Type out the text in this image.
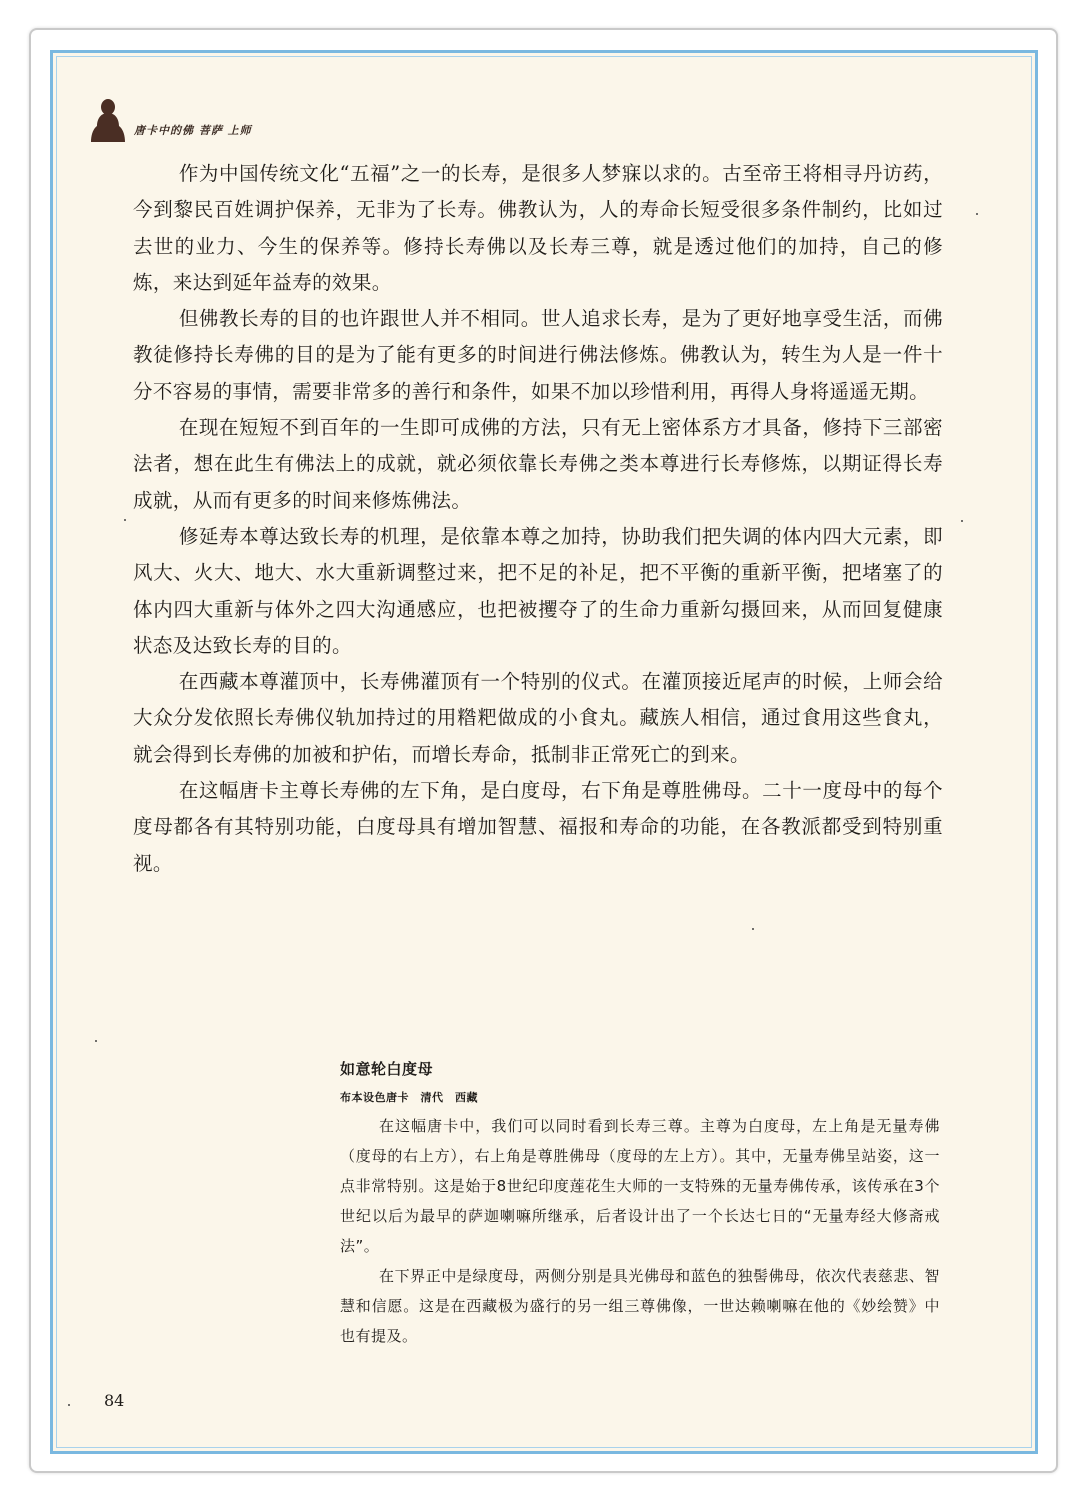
唐卡中的佛 菩萨 上师

作为中国传统文化“五福”之一的长寿，是很多人梦寐以求的。古至帝王将相寻丹访药，今到黎民百姓调护保养，无非为了长寿。佛教认为，人的寿命长短受很多条件制约，比如过去世的业力、今生的保养等。修持长寿佛以及长寿三尊，就是透过他们的加持，自己的修炼，来达到延年益寿的效果。

但佛教长寿的目的也许跟世人并不相同。世人追求长寿，是为了更好地享受生活，而佛教徒修持长寿佛的目的是为了能有更多的时间进行佛法修炼。佛教认为，转生为人是一件十分不容易的事情，需要非常多的善行和条件，如果不加以珍惜利用，再得人身将遥遥无期。

在现在短短不到百年的一生即可成佛的方法，只有无上密体系方才具备，修持下三部密法者，想在此生有佛法上的成就，就必须依靠长寿佛之类本尊进行长寿修炼，以期证得长寿成就，从而有更多的时间来修炼佛法。

修延寿本尊达致长寿的机理，是依靠本尊之加持，协助我们把失调的体内四大元素，即风大、火大、地大、水大重新调整过来，把不足的补足，把不平衡的重新平衡，把堵塞了的体内四大重新与体外之四大沟通感应，也把被攫夺了的生命力重新勾摄回来，从而回复健康状态及达致长寿的目的。

在西藏本尊灌顶中，长寿佛灌顶有一个特别的仪式。在灌顶接近尾声的时候，上师会给大众分发依照长寿佛仪轨加持过的用糌粑做成的小食丸。藏族人相信，通过食用这些食丸，就会得到长寿佛的加被和护佑，而增长寿命，抵制非正常死亡的到来。

在这幅唐卡主尊长寿佛的左下角，是白度母，右下角是尊胜佛母。二十一度母中的每个度母都各有其特别功能，白度母具有增加智慧、福报和寿命的功能，在各教派都受到特别重视。

如意轮白度母
布本设色唐卡　清代　西藏

在这幅唐卡中，我们可以同时看到长寿三尊。主尊为白度母，左上角是无量寿佛（度母的右上方），右上角是尊胜佛母（度母的左上方）。其中，无量寿佛呈站姿，这一点非常特别。这是始于8世纪印度莲花生大师的一支特殊的无量寿佛传承，该传承在3个世纪以后为最早的萨迦喇嘛所继承，后者设计出了一个长达七日的“无量寿经大修斋戒法”。

在下界正中是绿度母，两侧分别是具光佛母和蓝色的独髻佛母，依次代表慈悲、智慧和信愿。这是在西藏极为盛行的另一组三尊佛像，一世达赖喇嘛在他的《妙绘赞》中也有提及。

84
